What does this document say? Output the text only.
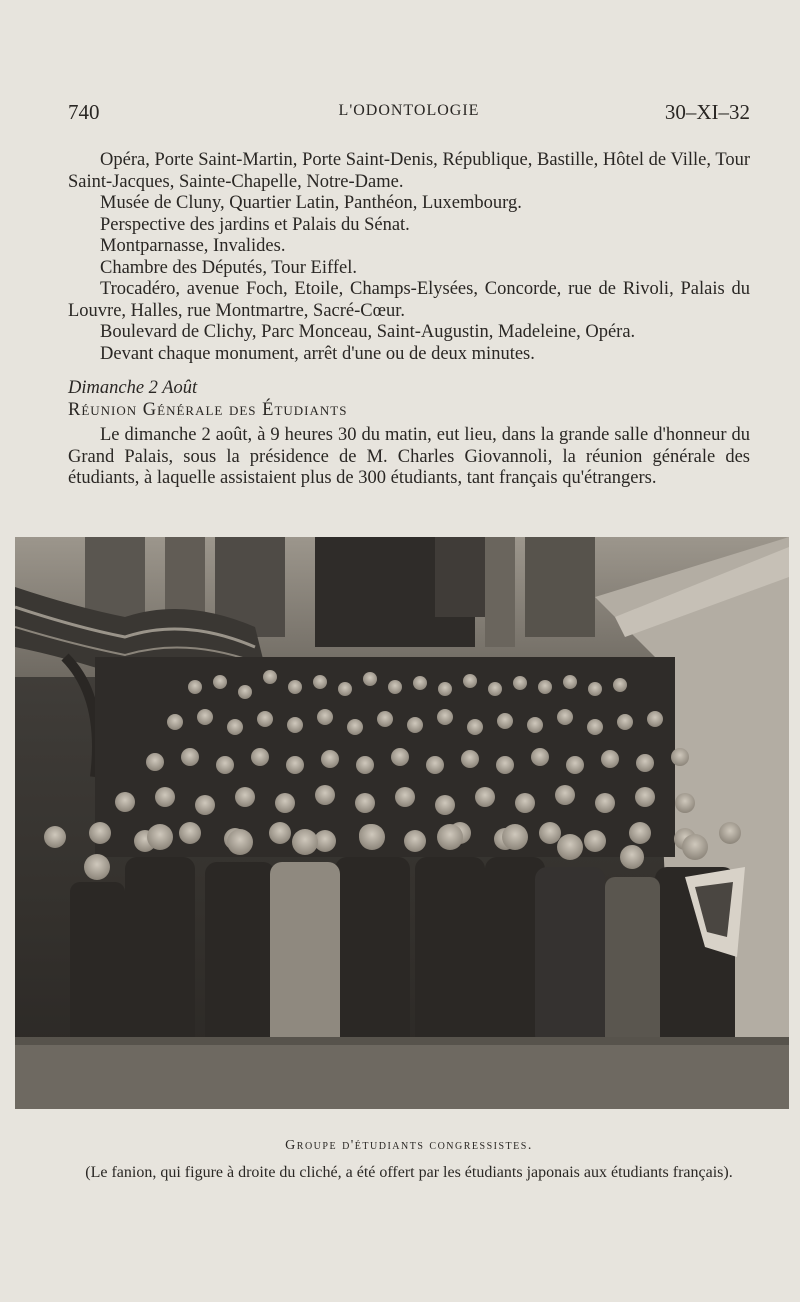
740	L'ODONTOLOGIE	30–XI–32

Opéra, Porte Saint-Martin, Porte Saint-Denis, République, Bastille, Hôtel de Ville, Tour Saint-Jacques, Sainte-Chapelle, Notre-Dame.

Musée de Cluny, Quartier Latin, Panthéon, Luxembourg.

Perspective des jardins et Palais du Sénat.

Montparnasse, Invalides.

Chambre des Députés, Tour Eiffel.

Trocadéro, avenue Foch, Etoile, Champs-Elysées, Concorde, rue de Rivoli, Palais du Louvre, Halles, rue Montmartre, Sacré-Cœur.

Boulevard de Clichy, Parc Monceau, Saint-Augustin, Madeleine, Opéra.

Devant chaque monument, arrêt d'une ou de deux minutes.

Dimanche 2 Août

Réunion Générale des Étudiants

Le dimanche 2 août, à 9 heures 30 du matin, eut lieu, dans la grande salle d'honneur du Grand Palais, sous la présidence de M. Charles Giovannoli, la réunion générale des étudiants, à laquelle assistaient plus de 300 étudiants, tant français qu'étrangers.

Groupe d'étudiants congressistes.

(Le fanion, qui figure à droite du cliché, a été offert par les étudiants japonais aux étudiants français).
